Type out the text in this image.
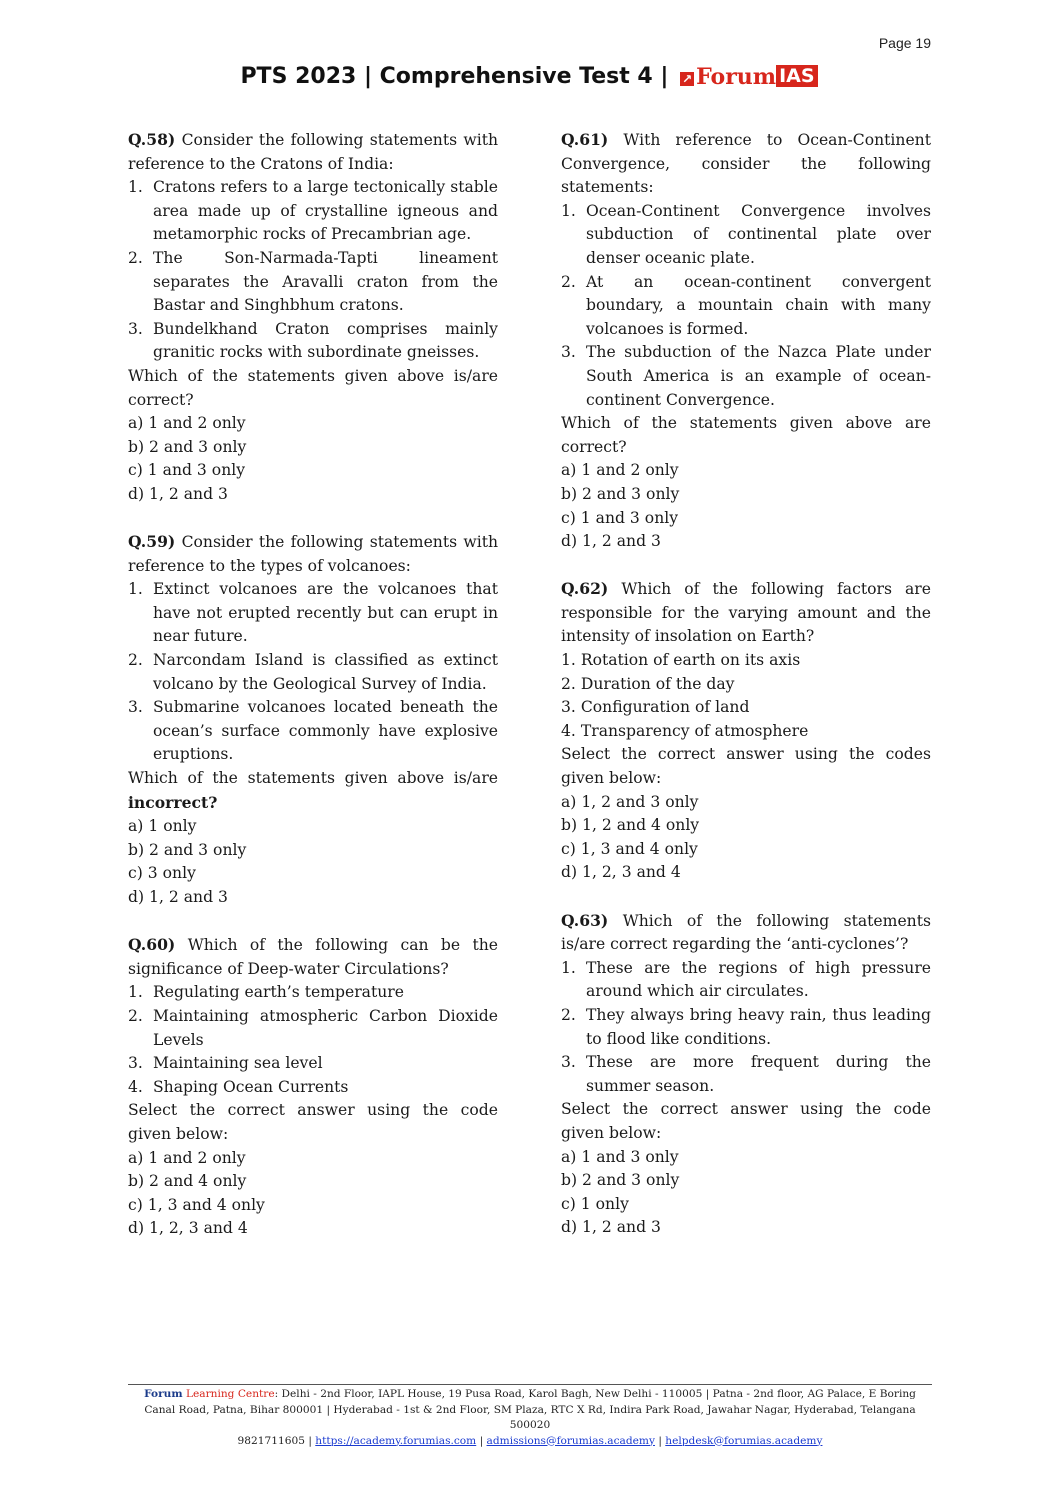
Page 19
PTS 2023 | Comprehensive Test 4 | ↗ Forum IAS

Q.58) Consider the following statements with reference to the Cratons of India:

1. Cratons refers to a large tectonically stable area made up of crystalline igneous and metamorphic rocks of Precambrian age.
2. The Son-Narmada-Tapti lineament separates the Aravalli craton from the Bastar and Singhbhum cratons.
3. Bundelkhand Craton comprises mainly granitic rocks with subordinate gneisses.

Which of the statements given above is/are correct?

a) 1 and 2 only
b) 2 and 3 only
c) 1 and 3 only
d) 1, 2 and 3

Q.59) Consider the following statements with reference to the types of volcanoes:

1. Extinct volcanoes are the volcanoes that have not erupted recently but can erupt in near future.
2. Narcondam Island is classified as extinct volcano by the Geological Survey of India.
3. Submarine volcanoes located beneath the ocean’s surface commonly have explosive eruptions.

Which of the statements given above is/are incorrect?

a) 1 only
b) 2 and 3 only
c) 3 only
d) 1, 2 and 3

Q.60) Which of the following can be the significance of Deep-water Circulations?

1. Regulating earth’s temperature
2. Maintaining atmospheric Carbon Dioxide Levels
3. Maintaining sea level
4. Shaping Ocean Currents

Select the correct answer using the code given below:

a) 1 and 2 only
b) 2 and 4 only
c) 1, 3 and 4 only
d) 1, 2, 3 and 4

Q.61) With reference to Ocean-Continent Convergence, consider the following statements:

1. Ocean-Continent Convergence involves subduction of continental plate over denser oceanic plate.
2. At an ocean-continent convergent boundary, a mountain chain with many volcanoes is formed.
3. The subduction of the Nazca Plate under South America is an example of ocean-continent Convergence.

Which of the statements given above are correct?

a) 1 and 2 only
b) 2 and 3 only
c) 1 and 3 only
d) 1, 2 and 3

Q.62) Which of the following factors are responsible for the varying amount and the intensity of insolation on Earth?

1. Rotation of earth on its axis
2. Duration of the day
3. Configuration of land
4. Transparency of atmosphere

Select the correct answer using the codes given below:

a) 1, 2 and 3 only
b) 1, 2 and 4 only
c) 1, 3 and 4 only
d) 1, 2, 3 and 4

Q.63) Which of the following statements is/are correct regarding the ‘anti-cyclones’?

1. These are the regions of high pressure around which air circulates.
2. They always bring heavy rain, thus leading to flood like conditions.
3. These are more frequent during the summer season.

Select the correct answer using the code given below:

a) 1 and 3 only
b) 2 and 3 only
c) 1 only
d) 1, 2 and 3
Forum Learning Centre: Delhi - 2nd Floor, IAPL House, 19 Pusa Road, Karol Bagh, New Delhi - 110005 | Patna - 2nd floor, AG Palace, E Boring Canal Road, Patna, Bihar 800001 | Hyderabad - 1st & 2nd Floor, SM Plaza, RTC X Rd, Indira Park Road, Jawahar Nagar, Hyderabad, Telangana 500020
9821711605 | https://academy.forumias.com | admissions@forumias.academy | helpdesk@forumias.academy
